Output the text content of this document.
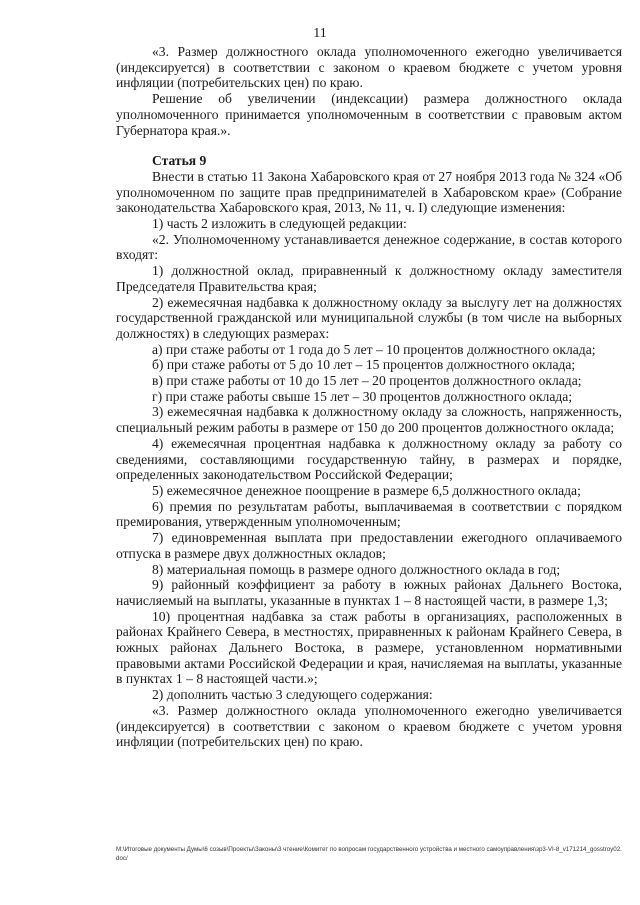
11

«3. Размер должностного оклада уполномоченного ежегодно увеличивается (индексируется) в соответствии с законом о краевом бюджете с учетом уровня инфляции (потребительских цен) по краю.

Решение об увеличении (индексации) размера должностного оклада уполномоченного принимается уполномоченным в соответствии с правовым актом Губернатора края.».

Статья 9

Внести в статью 11 Закона Хабаровского края от 27 ноября 2013 года № 324 «Об уполномоченном по защите прав предпринимателей в Хабаровском крае» (Собрание законодательства Хабаровского края, 2013, № 11, ч. I) следующие изменения:

1) часть 2 изложить в следующей редакции:

«2. Уполномоченному устанавливается денежное содержание, в состав которого входят:

1) должностной оклад, приравненный к должностному окладу заместителя Председателя Правительства края;

2) ежемесячная надбавка к должностному окладу за выслугу лет на должностях государственной гражданской или муниципальной службы (в том числе на выборных должностях) в следующих размерах:

а) при стаже работы от 1 года до 5 лет – 10 процентов должностного оклада;

б) при стаже работы от 5 до 10 лет – 15 процентов должностного оклада;

в) при стаже работы от 10 до 15 лет – 20 процентов должностного оклада;

г) при стаже работы свыше 15 лет – 30 процентов должностного оклада;

3) ежемесячная надбавка к должностному окладу за сложность, напряженность, специальный режим работы в размере от 150 до 200 процентов должностного оклада;

4) ежемесячная процентная надбавка к должностному окладу за работу со сведениями, составляющими государственную тайну, в размерах и порядке, определенных законодательством Российской Федерации;

5) ежемесячное денежное поощрение в размере 6,5 должностного оклада;

6) премия по результатам работы, выплачиваемая в соответствии с порядком премирования, утвержденным уполномоченным;

7) единовременная выплата при предоставлении ежегодного оплачиваемого отпуска в размере двух должностных окладов;

8) материальная помощь в размере одного должностного оклада в год;

9) районный коэффициент за работу в южных районах Дальнего Востока, начисляемый на выплаты, указанные в пунктах 1 – 8 настоящей части, в размере 1,3;

10) процентная надбавка за стаж работы в организациях, расположенных в районах Крайнего Севера, в местностях, приравненных к районам Крайнего Севера, в южных районах Дальнего Востока, в размере, установленном нормативными правовыми актами Российской Федерации и края, начисляемая на выплаты, указанные в пунктах 1 – 8 настоящей части.»;

2) дополнить частью 3 следующего содержания:

«3. Размер должностного оклада уполномоченного ежегодно увеличивается (индексируется) в соответствии с законом о краевом бюджете с учетом уровня инфляции (потребительских цен) по краю.

M:\Итоговые документы Думы\6 созыв\Проекты\Законы\3 чтение\Комитет по вопросам государственного устройства и местного самоуправления\зр3-VI-8_v171214_gosstroy02.doc/
